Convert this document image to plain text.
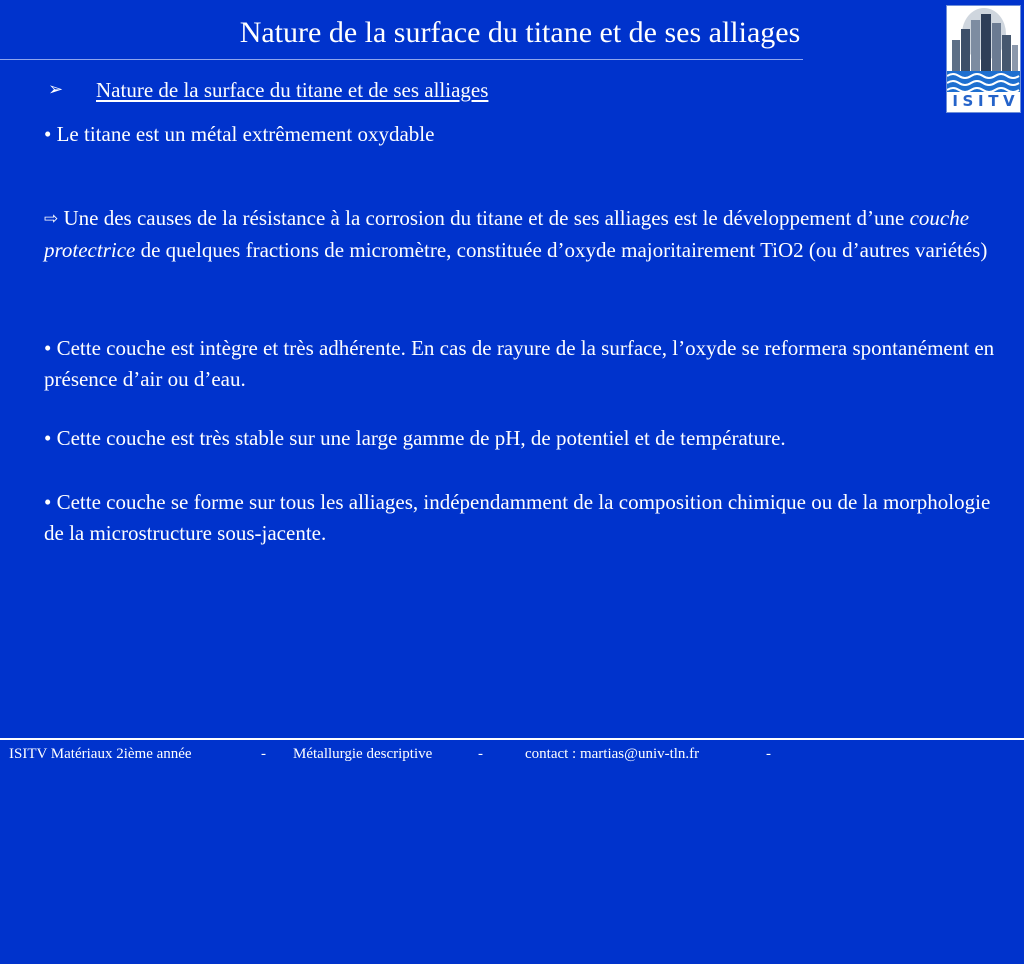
Nature de la surface du titane et de ses alliages
I S I T V
➢ Nature de la surface du titane et de ses alliages
• Le titane est un métal extrêmement oxydable
⇨ Une des causes de la résistance à la corrosion du titane et de ses alliages est le développement d’une couche protectrice de quelques fractions de micromètre, constituée d’oxyde majoritairement TiO2 (ou d’autres variétés)
• Cette couche est intègre et très adhérente. En cas de rayure de la surface, l’oxyde se reformera spontanément en présence d’air ou d’eau.
• Cette couche est très stable sur une large gamme de pH, de potentiel et de température.
• Cette couche se forme sur tous les alliages, indépendamment de la composition chimique ou de la morphologie de la microstructure sous-jacente.

ISITV Matériaux 2ième année

	-

Métallurgie descriptive

	-

	contact : martias@univ-tln.fr

	-
